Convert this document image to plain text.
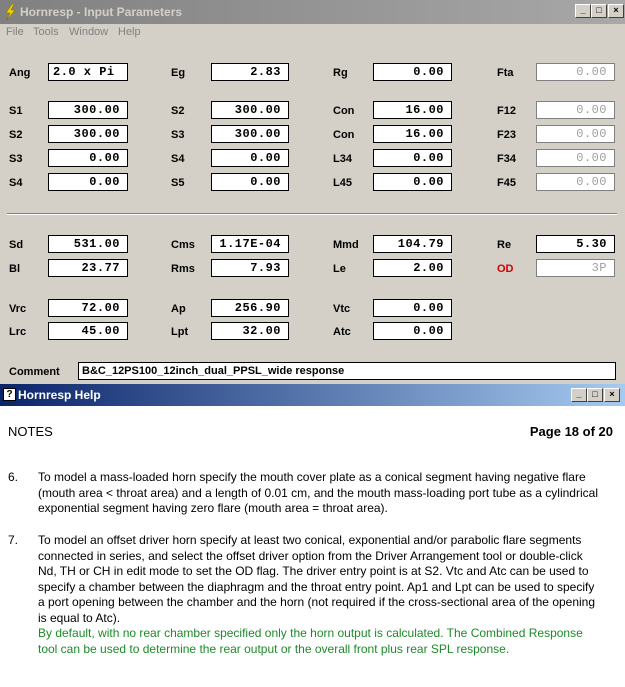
Hornresp - Input Parameters	_	□	×
File Tools Window Help
Ang	2.0 x Pi	Eg	2.83	Rg	0.00	Fta	0.00
S1	300.00	S2	300.00	Con	16.00	F12	0.00
S2	300.00	S3	300.00	Con	16.00	F23	0.00
S3	0.00	S4	0.00	L34	0.00	F34	0.00
S4	0.00	S5	0.00	L45	0.00	F45	0.00
Sd	531.00	Cms	1.17E-04	Mmd	104.79	Re	5.30
Bl	23.77	Rms	7.93	Le	2.00	OD	3P
Vrc	72.00	Ap	256.90	Vtc	0.00
Lrc	45.00	Lpt	32.00	Atc	0.00
Comment	B&C_12PS100_12inch_dual_PPSL_wide response
? Hornresp Help	_	□	×
NOTES	Page 18 of 20
6. To model a mass-loaded horn specify the mouth cover plate as a conical segment having negative flare (mouth area < throat area) and a length of 0.01 cm, and the mouth mass-loading port tube as a cylindrical exponential segment having zero flare (mouth area = throat area).
7. To model an offset driver horn specify at least two conical, exponential and/or parabolic flare segments connected in series, and select the offset driver option from the Driver Arrangement tool or double-click Nd, TH or CH in edit mode to set the OD flag. The driver entry point is at S2. Vtc and Atc can be used to specify a chamber between the diaphragm and the throat entry point. Ap1 and Lpt can be used to specify a port opening between the chamber and the horn (not required if the cross-sectional area of the opening is equal to Atc).
By default, with no rear chamber specified only the horn output is calculated. The Combined Response tool can be used to determine the rear output or the overall front plus rear SPL response.
